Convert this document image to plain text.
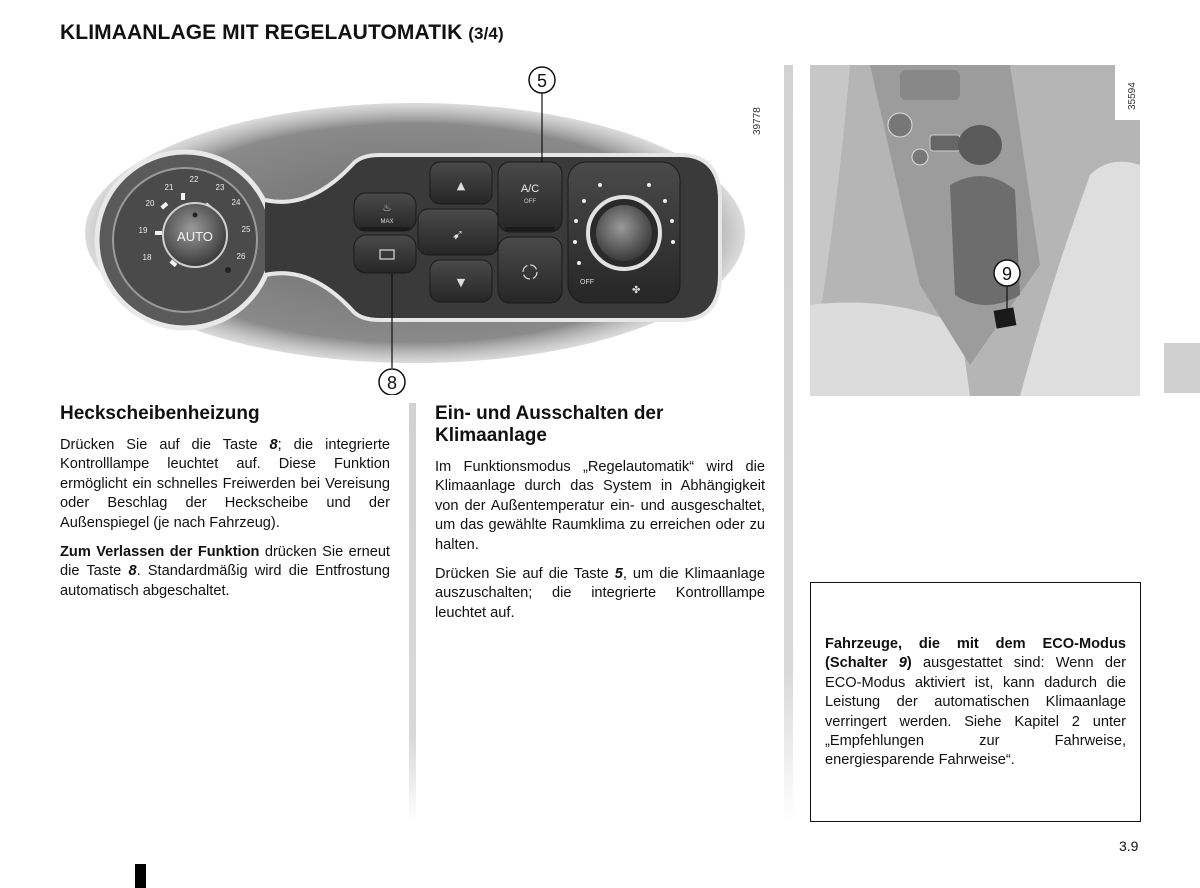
KLIMAANLAGE MIT REGELAUTOMATIK (3/4)
AUTO
18
19
20
21
22
23
24
25
26
♨
MAX
▲
➹
▼
A/C
OFF
OFF
✤
5
8
39778
9
35594
Heckscheibenheizung

Drücken Sie auf die Taste 8; die integrierte Kontrolllampe leuchtet auf. Diese Funktion ermöglicht ein schnelles Freiwerden bei Vereisung oder Beschlag der Heckscheibe und der Außenspiegel (je nach Fahrzeug).

Zum Verlassen der Funktion drücken Sie erneut die Taste 8. Standardmäßig wird die Entfrostung automatisch abgeschaltet.

Ein- und Ausschalten der Klimaanlage

Im Funktionsmodus „Regelautomatik“ wird die Klimaanlage durch das System in Abhängigkeit von der Außentemperatur ein- und ausgeschaltet, um das gewählte Raumklima zu erreichen oder zu halten.

Drücken Sie auf die Taste 5, um die Klimaanlage auszuschalten; die integrierte Kontrolllampe leuchtet auf.

Fahrzeuge, die mit dem ECO-Modus (Schalter 9) ausgestattet sind: Wenn der ECO-Modus aktiviert ist, kann dadurch die Leistung der automatischen Klimaanlage verringert werden. Siehe Kapitel 2 unter „Empfehlungen zur Fahrweise, energiesparende Fahrweise“.

3.9
